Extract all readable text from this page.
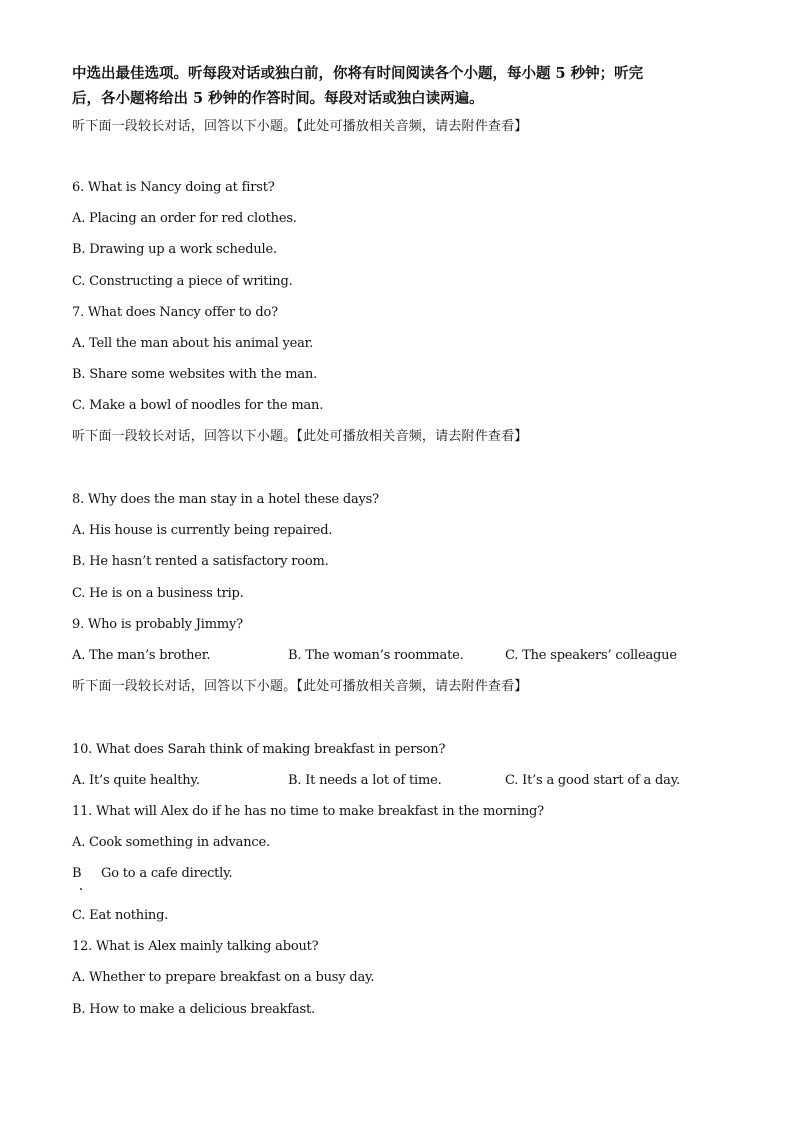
中选出最佳选项。听每段对话或独白前，你将有时间阅读各个小题，每小题 5 秒钟；听完
后，各小题将给出 5 秒钟的作答时间。每段对话或独白读两遍。
听下面一段较长对话，回答以下小题。【此处可播放相关音频，请去附件查看】
6. What is Nancy doing at first?
A. Placing an order for red clothes.
B. Drawing up a work schedule.
C. Constructing a piece of writing.
7. What does Nancy offer to do?
A. Tell the man about his animal year.
B. Share some websites with the man.
C. Make a bowl of noodles for the man.
听下面一段较长对话，回答以下小题。【此处可播放相关音频，请去附件查看】
8. Why does the man stay in a hotel these days?
A. His house is currently being repaired.
B. He hasn’t rented a satisfactory room.
C. He is on a business trip.
9. Who is probably Jimmy?
A. The man’s brother.	B. The woman’s roommate.	C. The speakers’ colleague
听下面一段较长对话，回答以下小题。【此处可播放相关音频，请去附件查看】
10. What does Sarah think of making breakfast in person?
A. It’s quite healthy.	B. It needs a lot of time.	C. It’s a good start of a day.
11. What will Alex do if he has no time to make breakfast in the morning?
A. Cook something in advance.
B     Go to a cafe directly.
C. Eat nothing.
12. What is Alex mainly talking about?
A. Whether to prepare breakfast on a busy day.
B. How to make a delicious breakfast.
